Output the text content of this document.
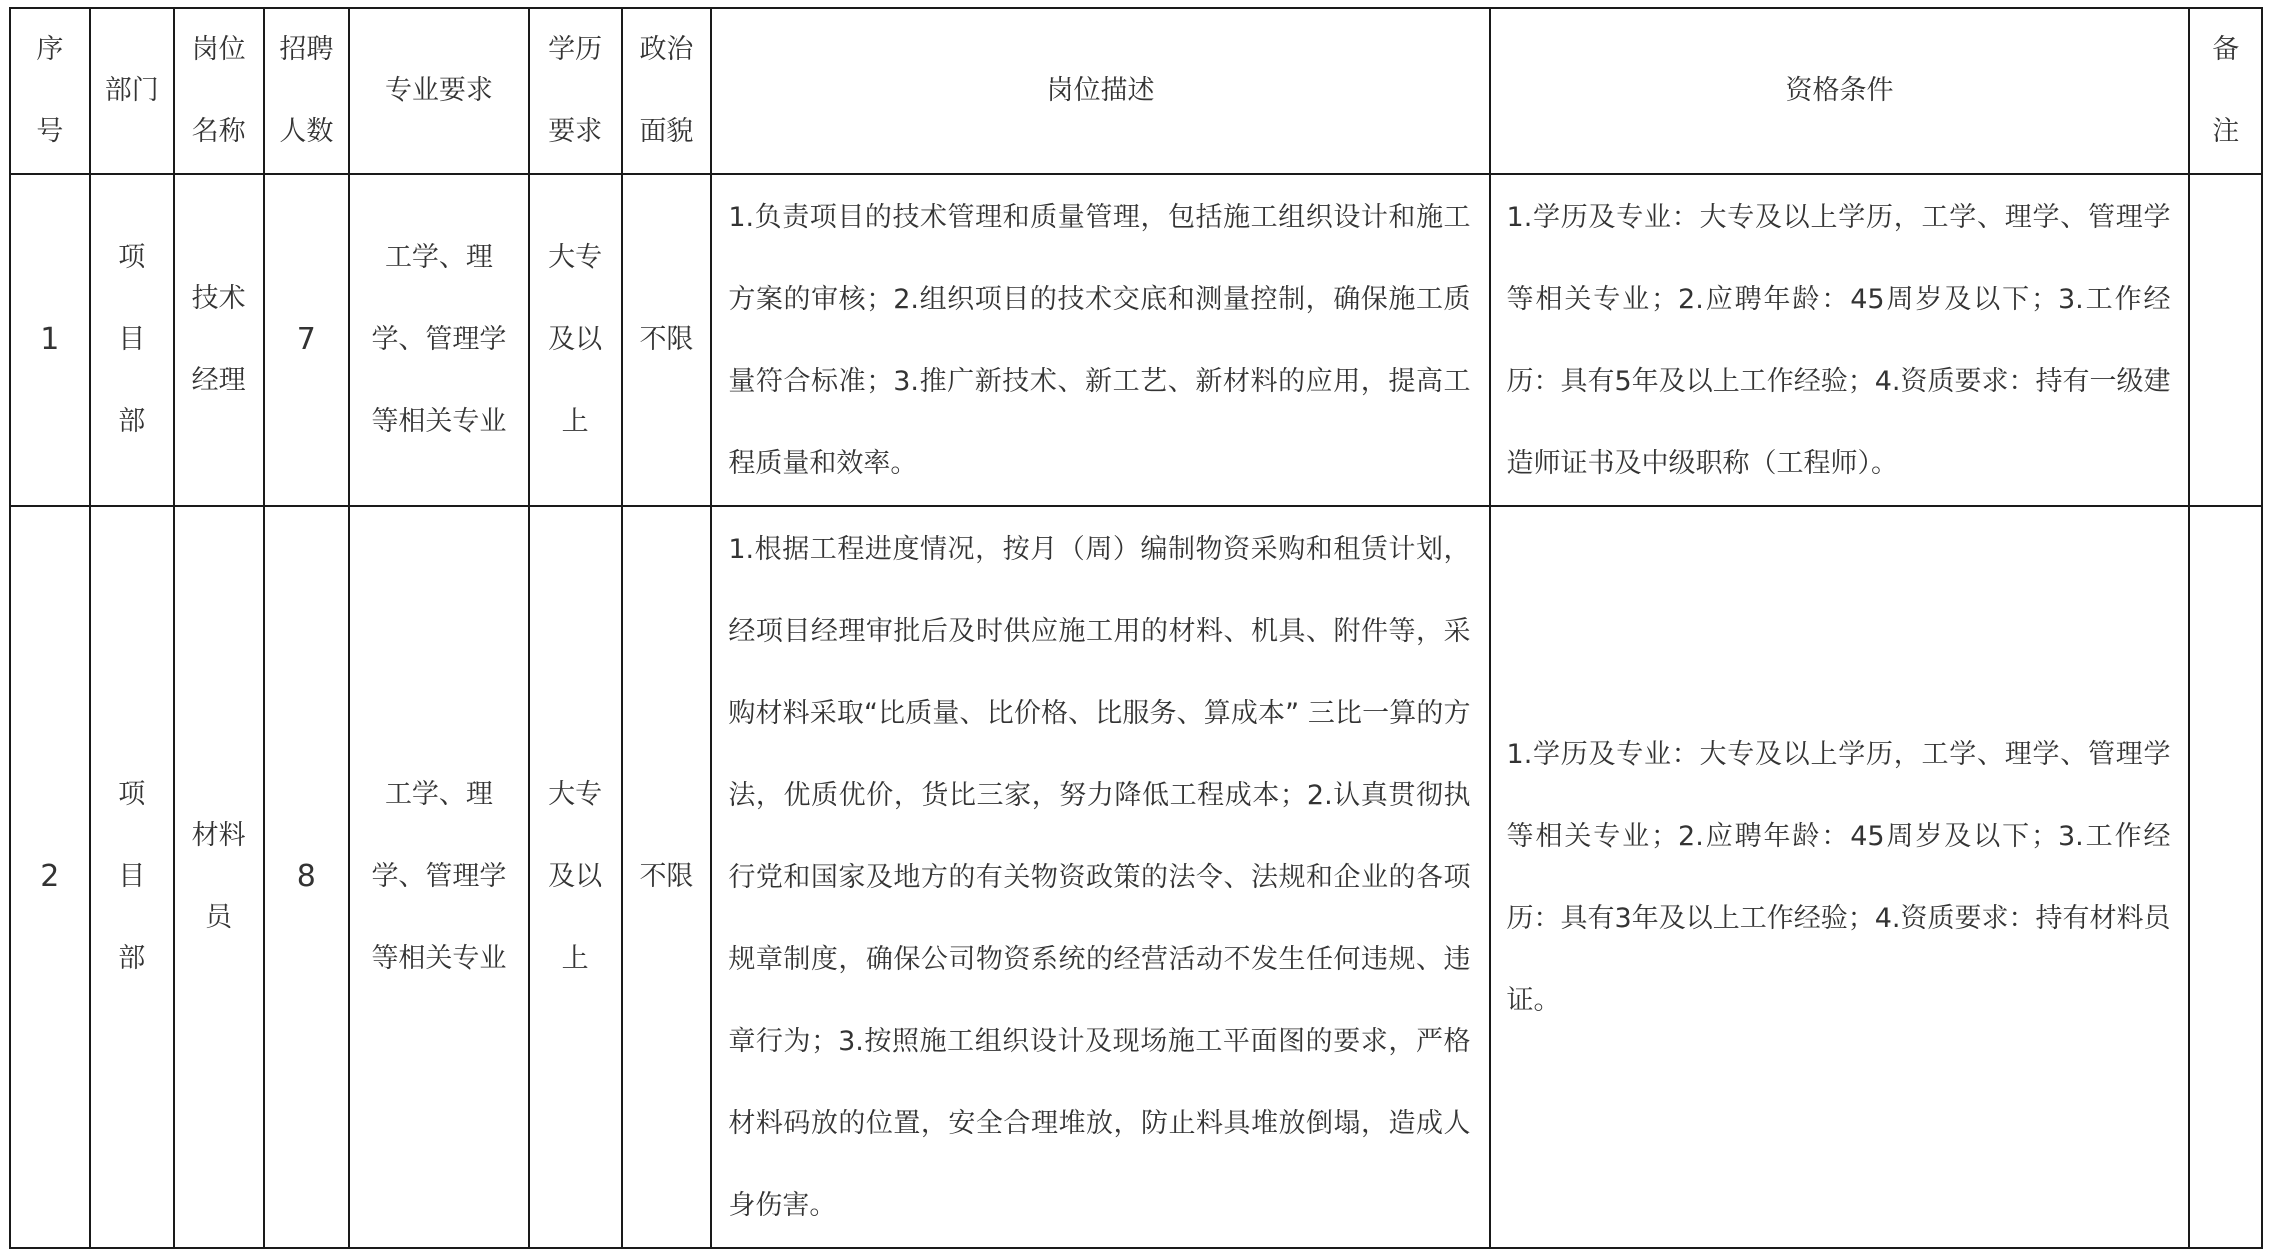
序号	部门	岗位名称	招聘人数	专业要求	学历要求	政治面貌	岗位描述	资格条件	备注

1	项目部	技术经理	7	工学、理学、管理学等相关专业	大专及以上	不限	1.负责项目的技术管理和质量管理，包括施工组织设计和施工方案的审核；2.组织项目的技术交底和测量控制，确保施工质量符合标准；3.推广新技术、新工艺、新材料的应用，提高工程质量和效率。	1.学历及专业：大专及以上学历，工学、理学、管理学等相关专业；2.应聘年龄：45周岁及以下；3.工作经历：具有5年及以上工作经验；4.资质要求：持有一级建造师证书及中级职称（工程师）。	

2	项目部	材料员	8	工学、理学、管理学等相关专业	大专及以上	不限	1.根据工程进度情况，按月（周）编制物资采购和租赁计划，经项目经理审批后及时供应施工用的材料、机具、附件等，采购材料采取“比质量、比价格、比服务、算成本” 三比一算的方法，优质优价，货比三家，努力降低工程成本；2.认真贯彻执行党和国家及地方的有关物资政策的法令、法规和企业的各项规章制度，确保公司物资系统的经营活动不发生任何违规、违章行为；3.按照施工组织设计及现场施工平面图的要求，严格材料码放的位置，安全合理堆放，防止料具堆放倒塌，造成人身伤害。	1.学历及专业：大专及以上学历，工学、理学、管理学等相关专业；2.应聘年龄：45周岁及以下；3.工作经历：具有3年及以上工作经验；4.资质要求：持有材料员证。	
